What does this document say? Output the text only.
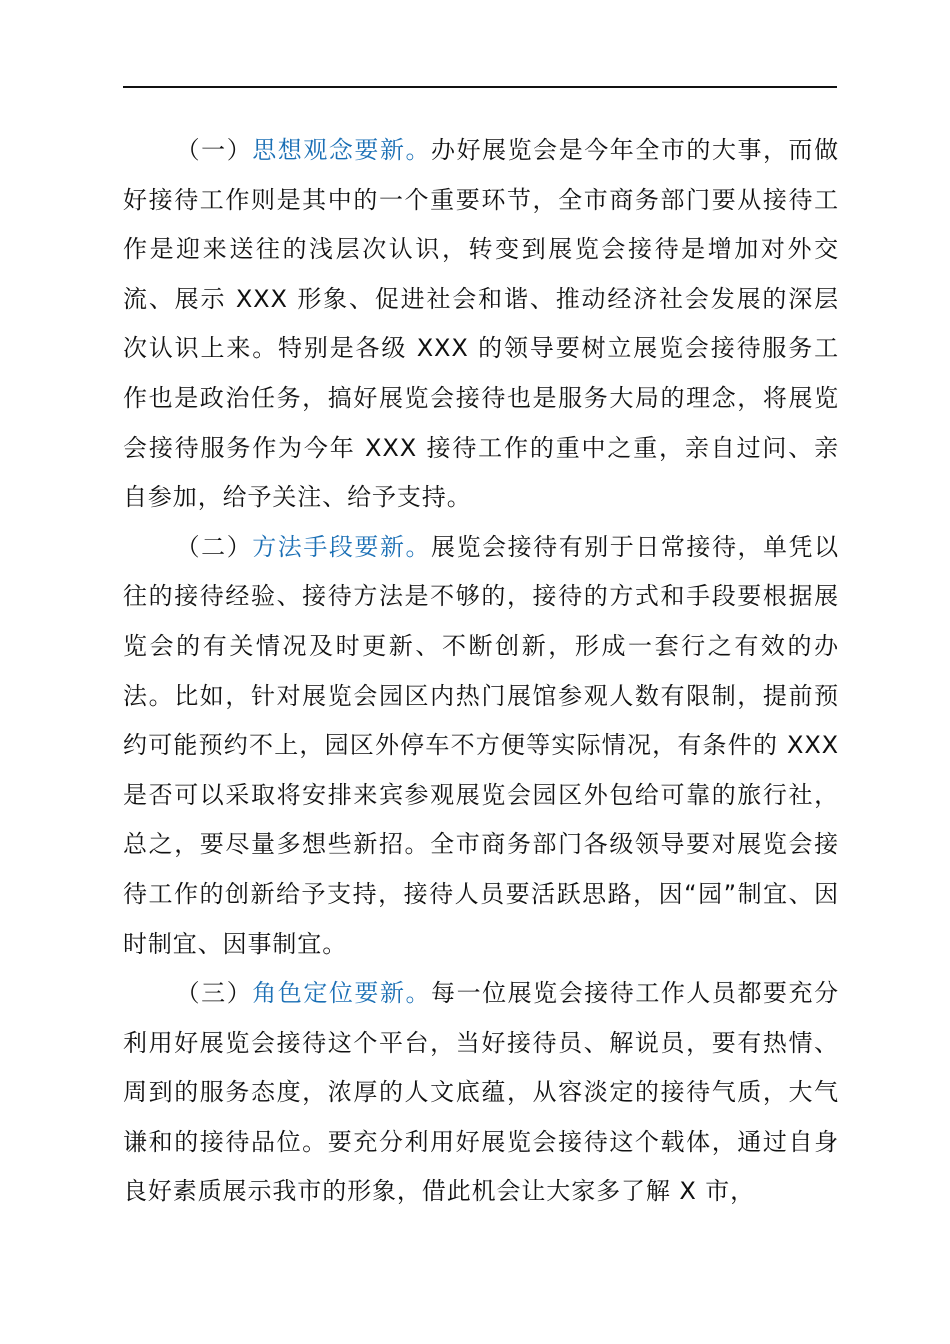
（一）思想观念要新。办好展览会是今年全市的大事，而做好接待工作则是其中的一个重要环节，全市商务部门要从接待工作是迎来送往的浅层次认识，转变到展览会接待是增加对外交流、展示 XXX 形象、促进社会和谐、推动经济社会发展的深层次认识上来。特别是各级 XXX 的领导要树立展览会接待服务工作也是政治任务，搞好展览会接待也是服务大局的理念，将展览会接待服务作为今年 XXX 接待工作的重中之重，亲自过问、亲自参加，给予关注、给予支持。

（二）方法手段要新。展览会接待有别于日常接待，单凭以往的接待经验、接待方法是不够的，接待的方式和手段要根据展览会的有关情况及时更新、不断创新，形成一套行之有效的办法。比如，针对展览会园区内热门展馆参观人数有限制，提前预约可能预约不上，园区外停车不方便等实际情况，有条件的 XXX 是否可以采取将安排来宾参观展览会园区外包给可靠的旅行社，总之，要尽量多想些新招。全市商务部门各级领导要对展览会接待工作的创新给予支持，接待人员要活跃思路，因“园”制宜、因时制宜、因事制宜。

（三）角色定位要新。每一位展览会接待工作人员都要充分利用好展览会接待这个平台，当好接待员、解说员，要有热情、周到的服务态度，浓厚的人文底蕴，从容淡定的接待气质，大气谦和的接待品位。要充分利用好展览会接待这个载体，通过自身良好素质展示我市的形象，借此机会让大家多了解 X 市，
